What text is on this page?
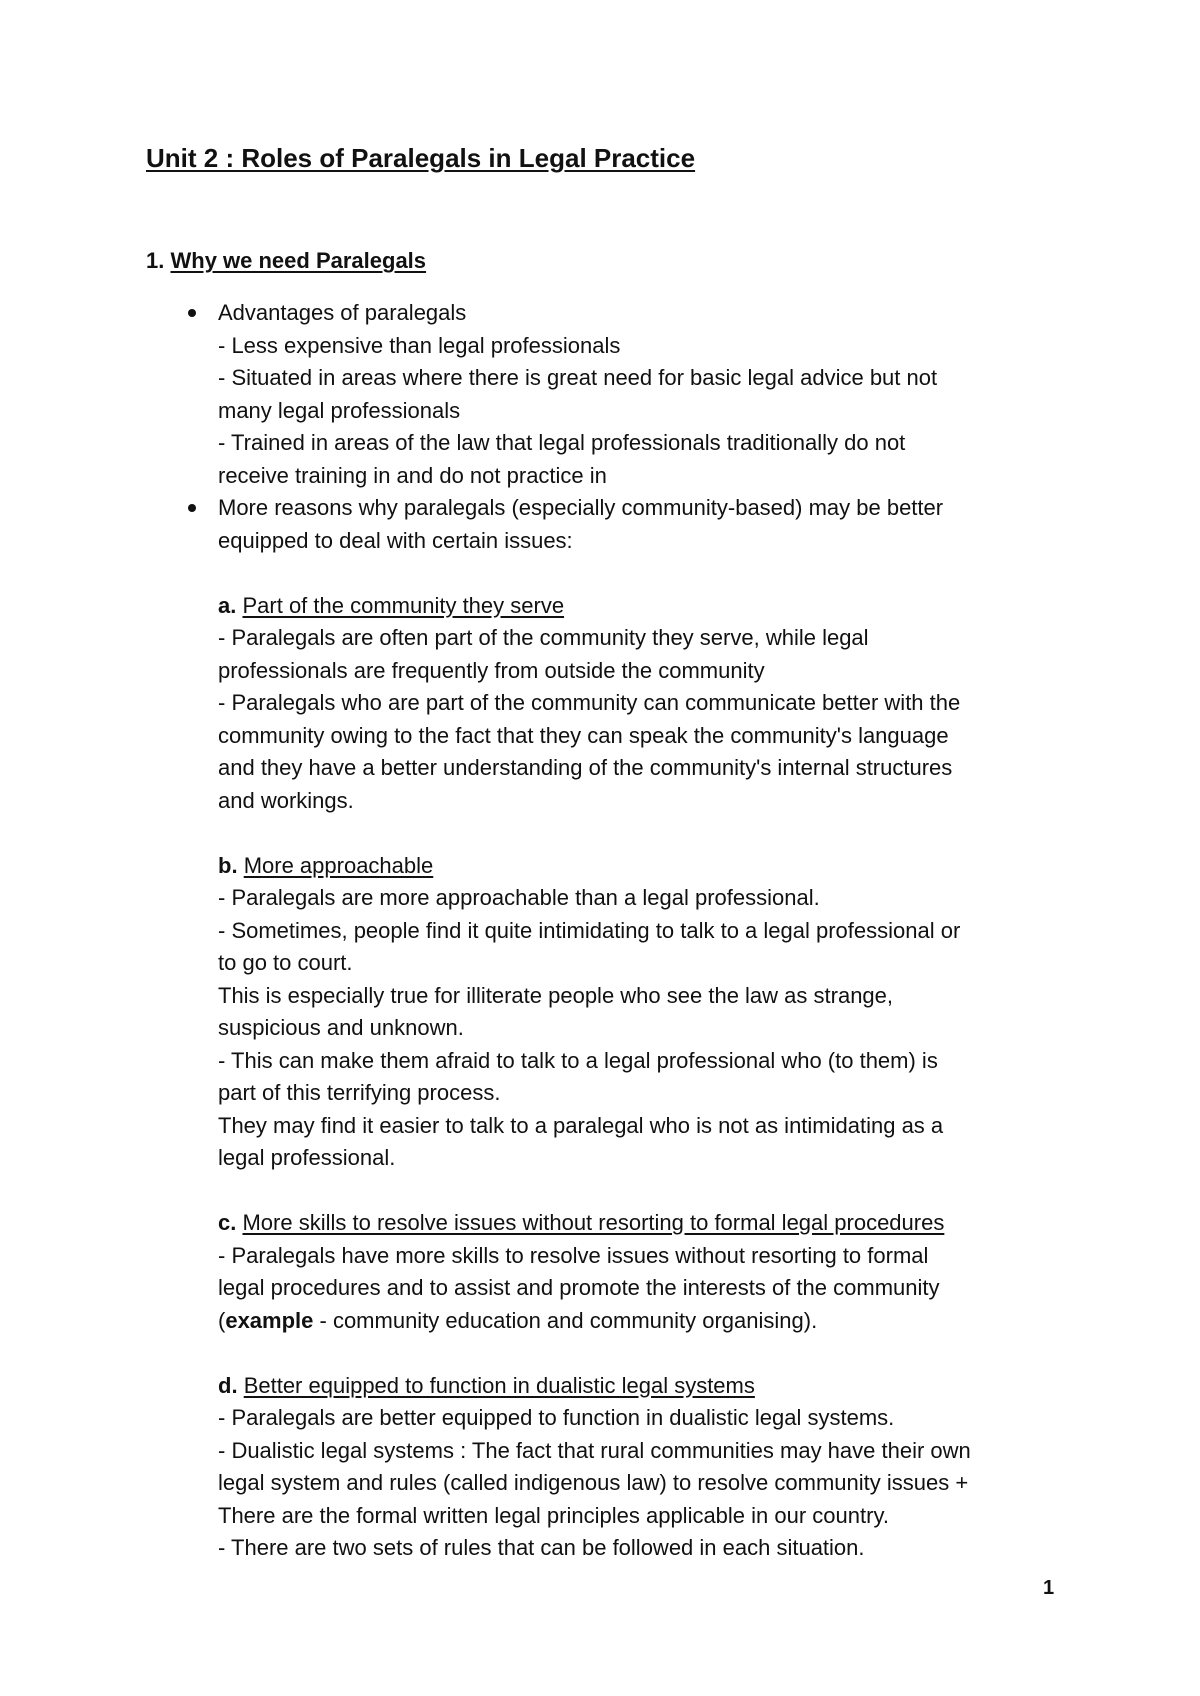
Unit 2 : Roles of Paralegals in Legal Practice
1. Why we need Paralegals
Advantages of paralegals
- Less expensive than legal professionals
- Situated in areas where there is great need for basic legal advice but not
many legal professionals
- Trained in areas of the law that legal professionals traditionally do not
receive training in and do not practice in
More reasons why paralegals (especially community-based) may be better
equipped to deal with certain issues:
a. Part of the community they serve
- Paralegals are often part of the community they serve, while legal
professionals are frequently from outside the community
- Paralegals who are part of the community can communicate better with the
community owing to the fact that they can speak the community's language
and they have a better understanding of the community's internal structures
and workings.
b. More approachable
- Paralegals are more approachable than a legal professional.
- Sometimes, people find it quite intimidating to talk to a legal professional or
to go to court.
This is especially true for illiterate people who see the law as strange,
suspicious and unknown.
- This can make them afraid to talk to a legal professional who (to them) is
part of this terrifying process.
They may find it easier to talk to a paralegal who is not as intimidating as a
legal professional.
c. More skills to resolve issues without resorting to formal legal procedures
- Paralegals have more skills to resolve issues without resorting to formal
legal procedures and to assist and promote the interests of the community
(example - community education and community organising).
d. Better equipped to function in dualistic legal systems
- Paralegals are better equipped to function in dualistic legal systems.
- Dualistic legal systems : The fact that rural communities may have their own
legal system and rules (called indigenous law) to resolve community issues +
There are the formal written legal principles applicable in our country.
- There are two sets of rules that can be followed in each situation.
1
